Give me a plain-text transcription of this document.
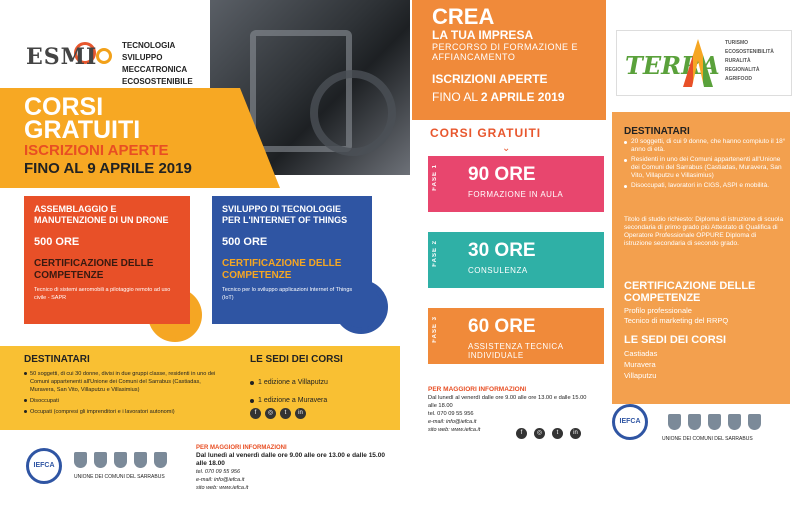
ESMI	TECNOLOGIA
SVILUPPO
MECCATRONICA
ECOSOSTENIBILE
CORSI GRATUITI
ISCRIZIONI APERTE
FINO AL 9 APRILE 2019
ASSEMBLAGGIO E MANUTENZIONE DI UN DRONE
500 ORE
CERTIFICAZIONE DELLE COMPETENZE
Tecnico di sistemi aeromobili a pilotaggio remoto ad uso civile - SAPR
SVILUPPO DI TECNOLOGIE PER L'INTERNET OF THINGS
500 ORE
CERTIFICAZIONE DELLE COMPETENZE
Tecnico per lo sviluppo applicazioni Internet of Things (IoT)
DESTINATARI
50 soggetti, di cui 30 donne, divisi in due gruppi classe, residenti in uno dei Comuni appartenenti all'Unione dei Comuni del Sarrabus (Castiadas, Muravera, San Vito, Villaputzu e Villasimius)
Disoccupati
Occupati (compresi gli imprenditori e i lavoratori autonomi)
LE SEDI DEI CORSI
1 edizione a Villaputzu
1 edizione a Muravera
f	◎	t	in
IEFCA
UNIONE DEI COMUNI DEL SARRABUS
PER MAGGIORI INFORMAZIONI
Dal lunedì al venerdì dalle ore 9.00 alle ore 13.00 e dalle 15.00 alle 18.00
tel. 070 09 55 956
e-mail: info@iefca.it
sito web: www.iefca.it
CREA
LA TUA IMPRESA
PERCORSO DI FORMAZIONE E AFFIANCAMENTO
ISCRIZIONI APERTE
FINO AL 2 APRILE 2019
TERRA
TURISMO
ECOSOSTENIBILITÀ
RURALITÀ
REGIONALITÀ
AGRIFOOD
CORSI GRATUITI
⌄
FASE 1 90 ORE
FORMAZIONE IN AULA
FASE 2 30 ORE
CONSULENZA
FASE 3 60 ORE
ASSISTENZA TECNICA INDIVIDUALE
PER MAGGIORI INFORMAZIONI
Dal lunedì al venerdì dalle ore 9.00 alle ore 13.00 e dalle 15.00 alle 18.00
tel. 070 09 55 956
e-mail: info@iefca.it
sito web: www.iefca.it	f	◎	t	in
DESTINATARI
20 soggetti, di cui 9 donne, che hanno compiuto il 18° anno di età.
Residenti in uno dei Comuni appartenenti all'Unione dei Comuni del Sarrabus (Castiadas, Muravera, San Vito, Villaputzu e Villasimius)
Disoccupati, lavoratori in CIGS, ASPI e mobilità.
Titolo di studio richiesto: Diploma di istruzione di scuola secondaria di primo grado più Attestato di Qualifica di Operatore Professionale OPPURE Diploma di istruzione secondaria di secondo grado.
CERTIFICAZIONE DELLE COMPETENZE
Profilo professionale
Tecnico di marketing del RRPQ
LE SEDI DEI CORSI
Castiadas
Muravera
Villaputzu
IEFCA
UNIONE DEI COMUNI DEL SARRABUS
